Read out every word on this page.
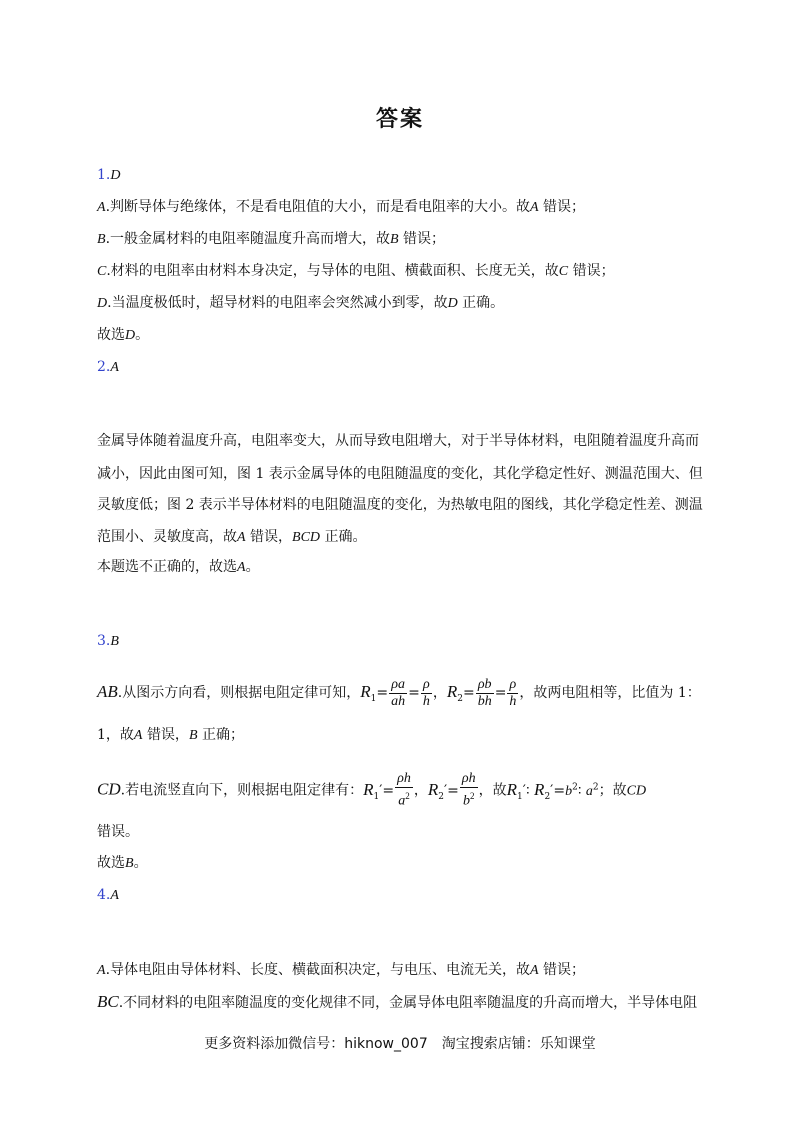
答案
1.D
A.判断导体与绝缘体，不是看电阻值的大小，而是看电阻率的大小。故A 错误；
B.一般金属材料的电阻率随温度升高而增大，故B 错误；
C.材料的电阻率由材料本身决定，与导体的电阻、横截面积、长度无关，故C 错误；
D.当温度极低时，超导材料的电阻率会突然减小到零，故D 正确。
故选D。
2.A
金属导体随着温度升高，电阻率变大，从而导致电阻增大，对于半导体材料，电阻随着温度升高而
减小，因此由图可知，图 1 表示金属导体的电阻随温度的变化，其化学稳定性好、测温范围大、但
灵敏度低；图 2 表示半导体材料的电阻随温度的变化，为热敏电阻的图线，其化学稳定性差、测温
范围小、灵敏度高，故A 错误，BCD 正确。
本题选不正确的，故选A。
3.B
AB.从图示方向看，则根据电阻定律可知，$R_1= \frac{\rho a}{ah} = \frac{\rho}{h}$ ，$R_2= \frac{\rho b}{bh} = \frac{\rho}{h}$ ，故两电阻相等，比值为 1：
1，故A 错误，B 正确；
CD.若电流竖直向下，则根据电阻定律有：$R_1'= \frac{\rho h}{a^2}$ ，$R_2'= \frac{\rho h}{b^2}$ ，故$R_1'∶$ $R_2'=b^2∶$ $a^2$；故CD
错误。
故选B。
4.A
A.导体电阻由导体材料、长度、横截面积决定，与电压、电流无关，故A 错误；
BC.不同材料的电阻率随温度的变化规律不同，金属导体电阻率随温度的升高而增大，半导体电阻
更多资料添加微信号：hiknow_007　淘宝搜索店铺：乐知课堂
